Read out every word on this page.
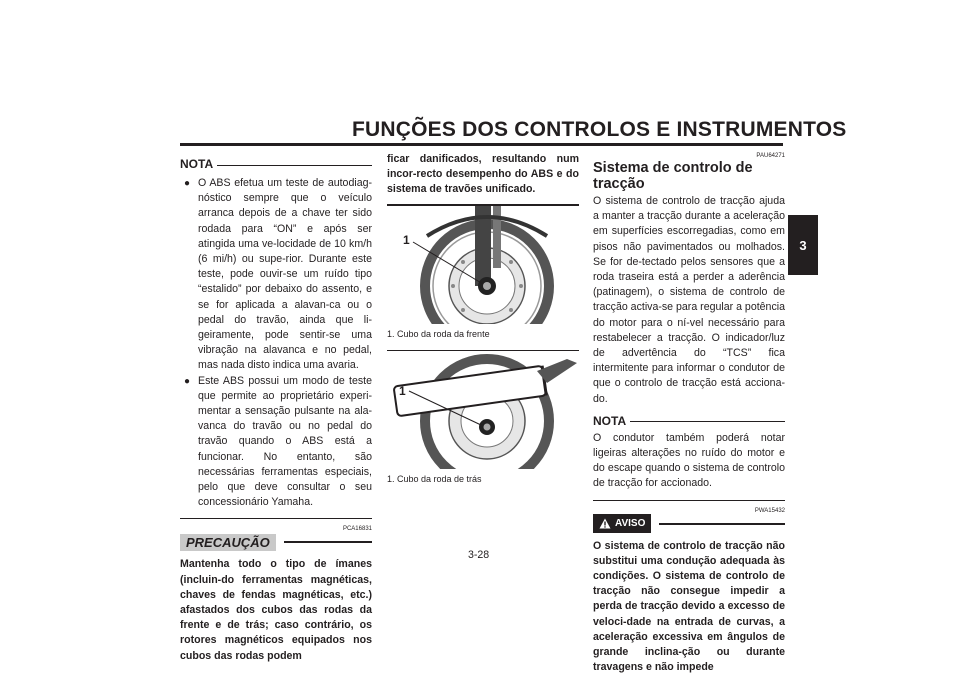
FUNÇÕES DOS CONTROLOS E INSTRUMENTOS
3
NOTA
● O ABS efetua um teste de autodiag-nóstico sempre que o veículo arranca depois de a chave ter sido rodada para “ON” e após ser atingida uma ve-locidade de 10 km/h (6 mi/h) ou supe-rior. Durante este teste, pode ouvir-se um ruído tipo “estalido” por debaixo do assento, e se for aplicada a alavan-ca ou o pedal do travão, ainda que li-geiramente, pode sentir-se uma vibração na alavanca e no pedal, mas nada disto indica uma avaria.
● Este ABS possui um modo de teste que permite ao proprietário experi-mentar a sensação pulsante na ala-vanca do travão ou no pedal do travão quando o ABS está a funcionar. No entanto, são necessárias ferramentas especiais, pelo que deve consultar o seu concessionário Yamaha.
PCA16831
PRECAUÇÃO
Mantenha todo o tipo de ímanes (incluin-do ferramentas magnéticas, chaves de fendas magnéticas, etc.) afastados dos cubos das rodas da frente e de trás; caso contrário, os rotores magnéticos equipados nos cubos das rodas podem
ficar danificados, resultando num incor-recto desempenho do ABS e do sistema de travões unificado.
1
1. Cubo da roda da frente
1
1. Cubo da roda de trás
PAU64271
Sistema de controlo de tracção
O sistema de controlo de tracção ajuda a manter a tracção durante a aceleração em superfícies escorregadias, como em pisos não pavimentados ou molhados. Se for de-tectado pelos sensores que a roda traseira está a perder a aderência (patinagem), o sistema de controlo de tracção activa-se para regular a potência do motor para o ní-vel necessário para restabelecer a tracção. O indicador/luz de advertência do “TCS” fica intermitente para informar o condutor de que o controlo de tracção está acciona-do.
NOTA
O condutor também poderá notar ligeiras alterações no ruído do motor e do escape quando o sistema de controlo de tracção for accionado.
PWA15432
AVISO
O sistema de controlo de tracção não substitui uma condução adequada às condições. O sistema de controlo de tracção não consegue impedir a perda de tracção devido a excesso de veloci-dade na entrada de curvas, a aceleração excessiva em ângulos de grande inclina-ção ou durante travagens e não impede
3-28
